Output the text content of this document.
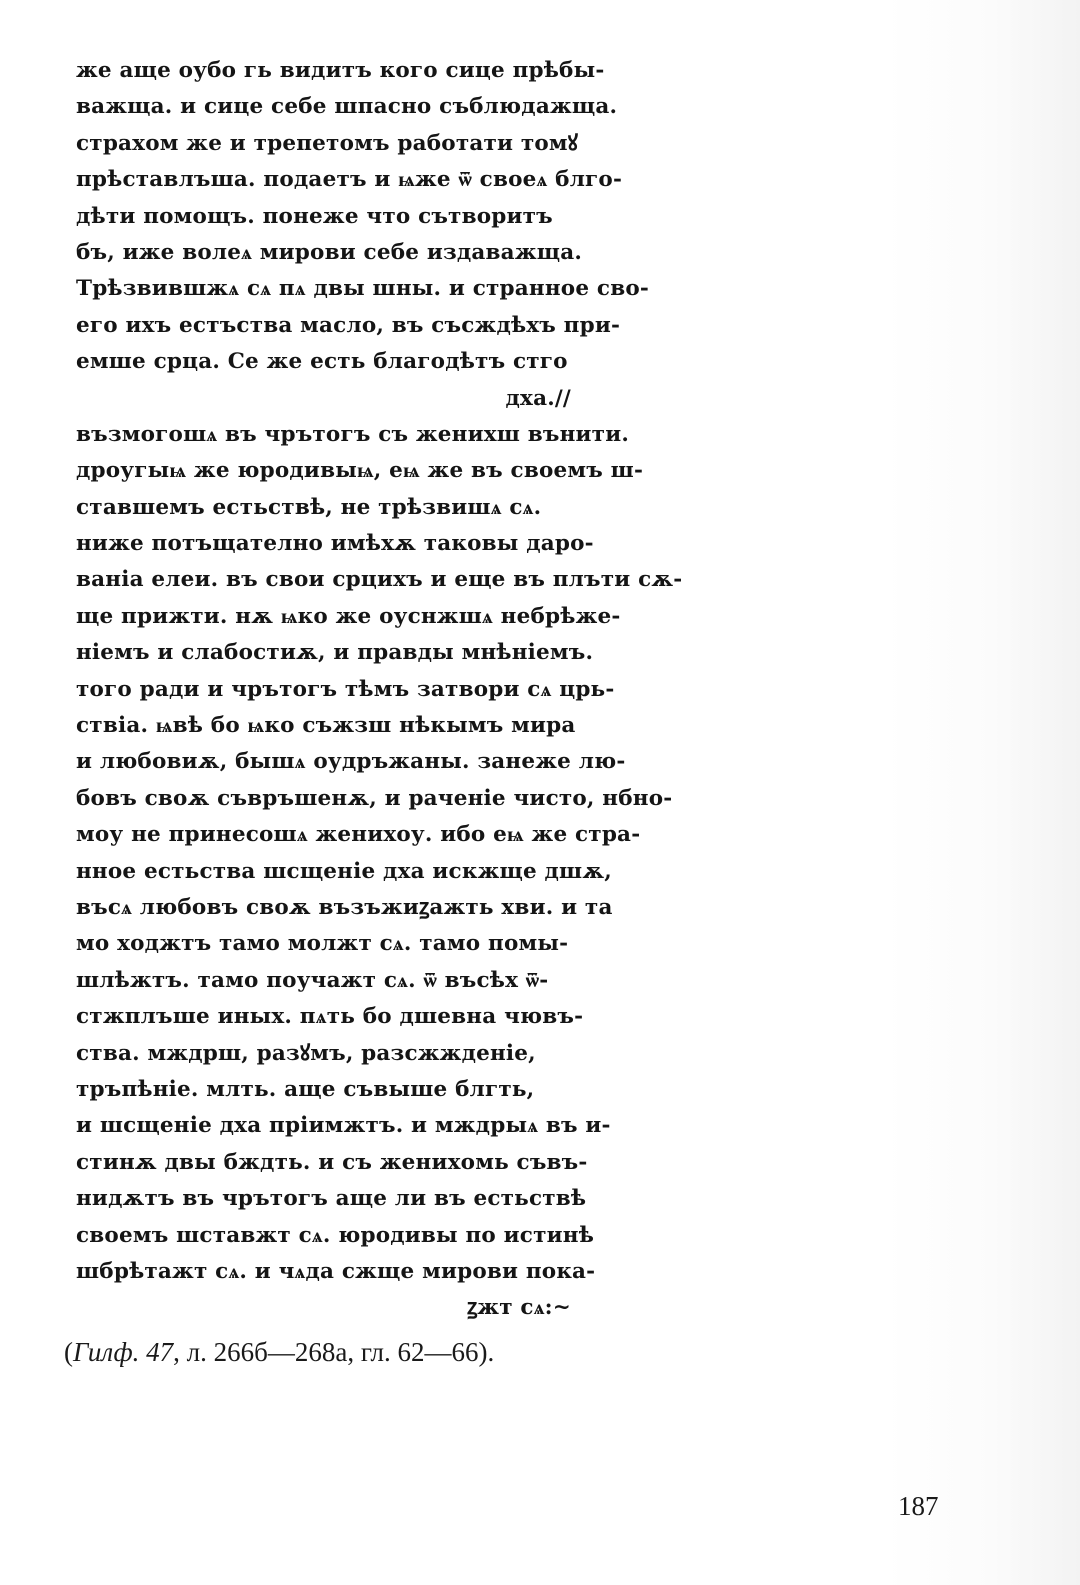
же аще оубо гь видитъ кого сице прѣбы-
важща. и сице себе шпасно съблюдажща.
страхом же и трепетомъ работати томꙋ
прѣставлъша. подаетъ и ѩже ѿ своеѧ блго-
дѣти помощъ. понеже что сътворитъ
бъ, иже волеѧ мирови себе издаважща.
Трѣзвившжѧ сѧ пѧ двы шны. и странное сво-
его ихъ естъства масло, въ съсждѣхъ при-
емше срца. Се же есть благодѣтъ стго
дха.//
възмогошѧ въ чрътогъ съ женихш вънити.
дроугыѩ же юродивыѩ, еѩ же въ своемъ ш-
ставшемъ естьствѣ, не трѣзвишѧ сѧ.
ниже потъщателно имѣхѫ таковы даро-
ваніа елеи. въ свои срцихъ и еще въ плъти сѫ-
ще прижти. нѫ ѩко же оуснжшѧ небрѣже-
ніемъ и слабостиѫ, и правды мнѣніемъ.
того ради и чрътогъ тѣмъ затвори сѧ црь-
ствіа. ѩвѣ бо ѩко съжзш нѣкымъ мира
и любовиѫ, бышѧ оудръжаны. занеже лю-
бовъ своѫ съвръшенѫ, и раченіе чисто, нбно-
моу не принесошѧ женихоу. ибо еѩ же стра-
нное естьства шсщеніе дха искжще дшѫ,
въсѧ любовъ своѫ възъжиꙁажть хви. и та
мо ходжтъ тамо молжт сѧ. тамо помы-
шлѣжтъ. тамо поучажт сѧ. ѿ въсѣх ѿ-
стжплъше иных. пѧть бо дшевна чювъ-
ства. мждрш, разꙋмъ, разсжжденіе,
тръпѣніе. млть. аще съвыше блгть,
и шсщеніе дха пріимжтъ. и мждрыѧ въ и-
стинѫ двы бждть. и съ женихомь съвъ-
нидѫтъ въ чрътогъ аще ли въ естьствѣ
своемъ шставжт сѧ. юродивы по истинѣ
шбрѣтажт сѧ. и чѧда сжще мирови пока-
ꙁжт сѧ:~
(Гилф. 47, л. 266б—268а, гл. 62—66).
187
